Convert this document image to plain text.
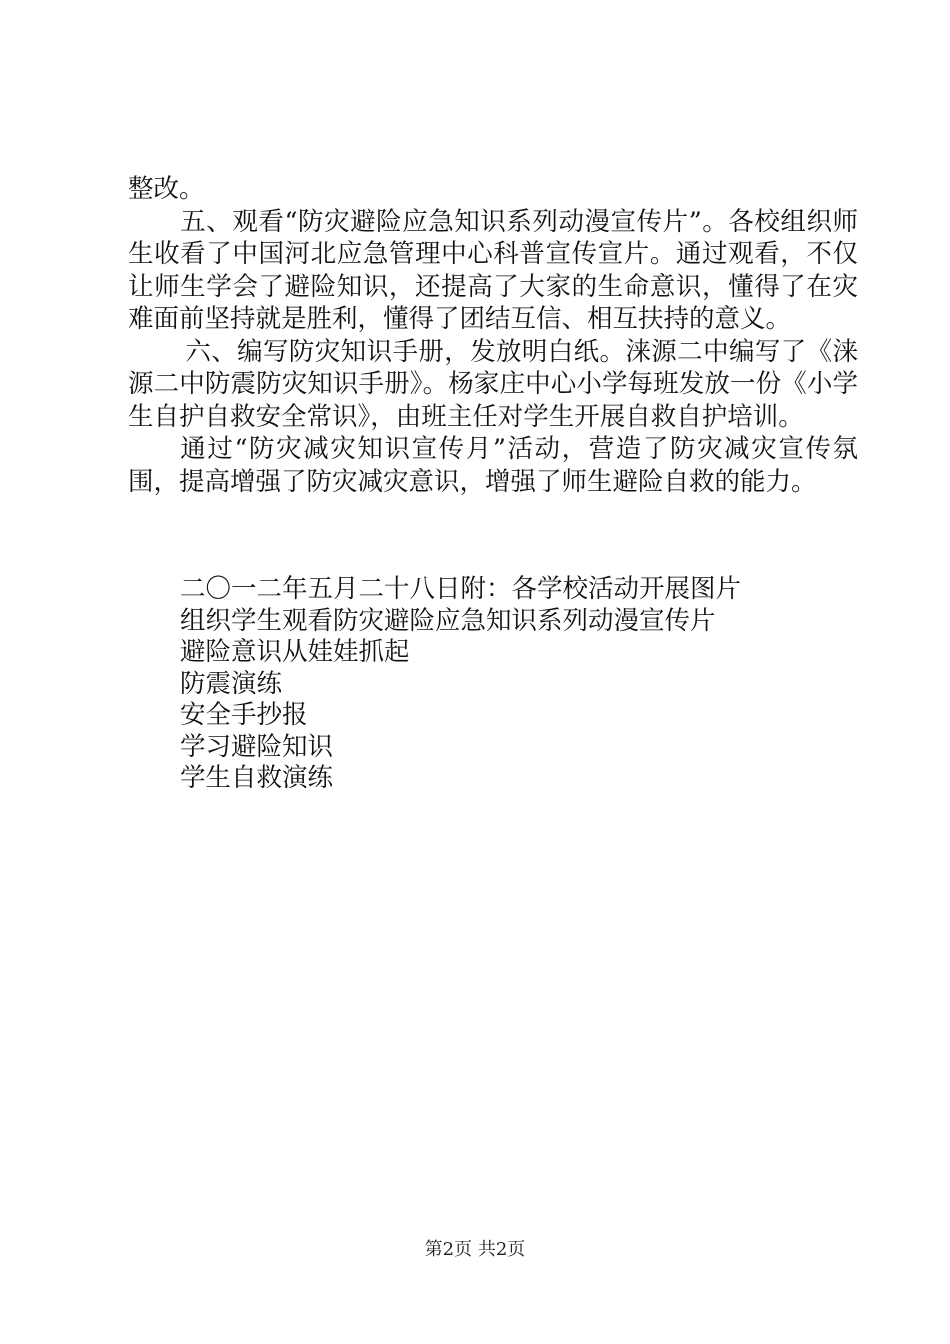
整改。

五、观看“防灾避险应急知识系列动漫宣传片”。各校组织师生收看了中国河北应急管理中心科普宣传宣片。通过观看，不仅让师生学会了避险知识，还提高了大家的生命意识，懂得了在灾难面前坚持就是胜利，懂得了团结互信、相互扶持的意义。

六、编写防灾知识手册，发放明白纸。涞源二中编写了《涞源二中防震防灾知识手册》。杨家庄中心小学每班发放一份《小学生自护自救安全常识》，由班主任对学生开展自救自护培训。

通过“防灾减灾知识宣传月”活动，营造了防灾减灾宣传氛围，提高增强了防灾减灾意识，增强了师生避险自救的能力。

二〇一二年五月二十八日附：各学校活动开展图片
组织学生观看防灾避险应急知识系列动漫宣传片
避险意识从娃娃抓起
防震演练
安全手抄报
学习避险知识
学生自救演练
第2页 共2页
